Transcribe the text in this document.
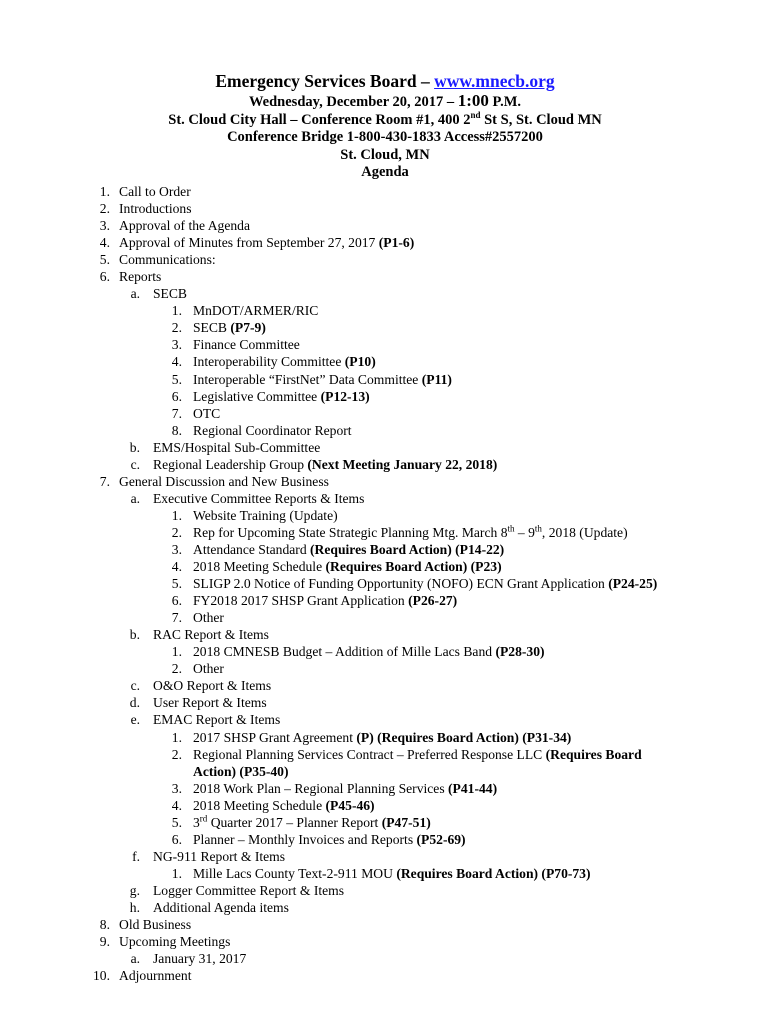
Emergency Services Board – www.mnecb.org
Wednesday, December 20, 2017 – 1:00 P.M.
St. Cloud City Hall – Conference Room #1, 400 2nd St S, St. Cloud MN
Conference Bridge 1-800-430-1833 Access#2557200
St. Cloud, MN
Agenda
1. Call to Order
2. Introductions
3. Approval of the Agenda
4. Approval of Minutes from September 27, 2017 (P1-6)
5. Communications:
6. Reports
a. SECB
1. MnDOT/ARMER/RIC
2. SECB (P7-9)
3. Finance Committee
4. Interoperability Committee (P10)
5. Interoperable “FirstNet” Data Committee (P11)
6. Legislative Committee (P12-13)
7. OTC
8. Regional Coordinator Report
b. EMS/Hospital Sub-Committee
c. Regional Leadership Group (Next Meeting January 22, 2018)
7. General Discussion and New Business
a. Executive Committee Reports & Items
1. Website Training (Update)
2. Rep for Upcoming State Strategic Planning Mtg. March 8th – 9th, 2018 (Update)
3. Attendance Standard (Requires Board Action) (P14-22)
4. 2018 Meeting Schedule (Requires Board Action) (P23)
5. SLIGP 2.0 Notice of Funding Opportunity (NOFO) ECN Grant Application (P24-25)
6. FY2018 2017 SHSP Grant Application (P26-27)
7. Other
b. RAC Report & Items
1. 2018 CMNESB Budget – Addition of Mille Lacs Band (P28-30)
2. Other
c. O&O Report & Items
d. User Report & Items
e. EMAC Report & Items
1. 2017 SHSP Grant Agreement (P) (Requires Board Action) (P31-34)
2. Regional Planning Services Contract – Preferred Response LLC (Requires Board
Action) (P35-40)
3. 2018 Work Plan – Regional Planning Services (P41-44)
4. 2018 Meeting Schedule (P45-46)
5. 3rd Quarter 2017 – Planner Report (P47-51)
6. Planner – Monthly Invoices and Reports (P52-69)
f. NG-911 Report & Items
1. Mille Lacs County Text-2-911 MOU (Requires Board Action) (P70-73)
g. Logger Committee Report & Items
h. Additional Agenda items
8. Old Business
9. Upcoming Meetings
a. January 31, 2017
10. Adjournment
